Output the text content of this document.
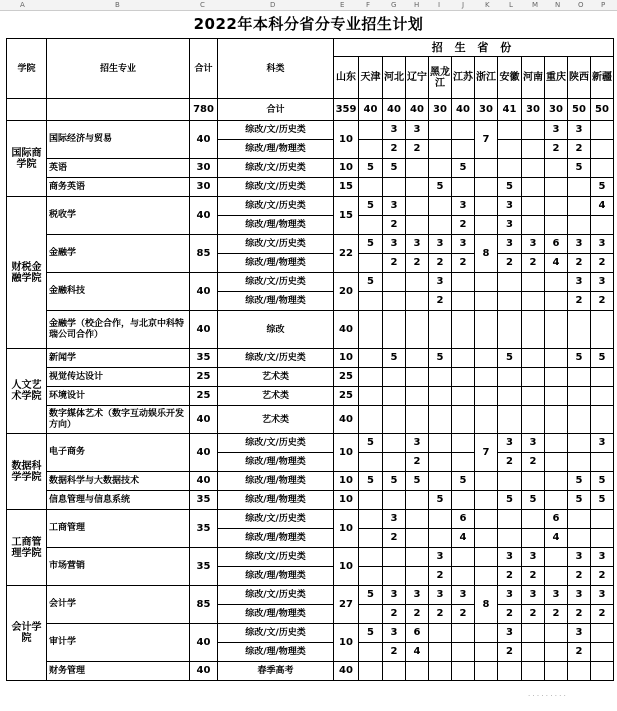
A	B	C	D	E	F	G	H	I	J	K	L	M N	O P
2022年本科分省分专业招生计划
学院	招生专业	合计	科类	招 生 省 份											
				山东	天津	河北	辽宁	黑龙江	江苏	浙江	安徽	河南	重庆	陕西	新疆
		780	合计	359	40	40	40	30	40	30	41	30	30	50	50
国际商学院	国际经济与贸易	40	综改/文/历史类	10		3	3			7			3	3	
			综改/理/物理类			2	2						2	2	
	英语	30	综改/文/历史类	10	5	5			5					5	
	商务英语	30	综改/文/历史类	15				5			5				5
财税金融学院	税收学	40	综改/文/历史类	15	5	3			3		3				4
			综改/理/物理类			2			2		3				
	金融学	85	综改/文/历史类	22	5	3	3	3	3	8	3	3	6	3	3
			综改/理/物理类			2	2	2	2		2	2	4	2	2
	金融科技	40	综改/文/历史类	20	5			3						3	3
			综改/理/物理类					2						2	2
	金融学（校企合作，与北京中科特瑞公司合作）	40	综改	40											
人文艺术学院	新闻学	35	综改/文/历史类	10		5		5			5			5	5
	视觉传达设计	25	艺术类	25											
	环境设计	25	艺术类	25											
	数字媒体艺术（数字互动娱乐开发方向）	40	艺术类	40											
数据科学学院	电子商务	40	综改/文/历史类	10	5		3			7	3	3			3
			综改/理/物理类				2				2	2			
	数据科学与大数据技术	40	综改/理/物理类	10	5	5	5		5					5	5
	信息管理与信息系统	35	综改/理/物理类	10				5			5	5		5	5
工商管理学院	工商管理	35	综改/文/历史类	10		3			6				6		
			综改/理/物理类			2			4				4		
	市场营销	35	综改/文/历史类	10				3			3	3		3	3
			综改/理/物理类					2			2	2		2	2
会计学院	会计学	85	综改/文/历史类	27	5	3	3	3	3	8	3	3	3	3	3
			综改/理/物理类			2	2	2	2		2	2	2	2	2
	审计学	40	综改/文/历史类	10	5	3	6				3			3	
			综改/理/物理类			2	4				2			2	
	财务管理	40	春季高考	40											
· · · · · · · · ·
